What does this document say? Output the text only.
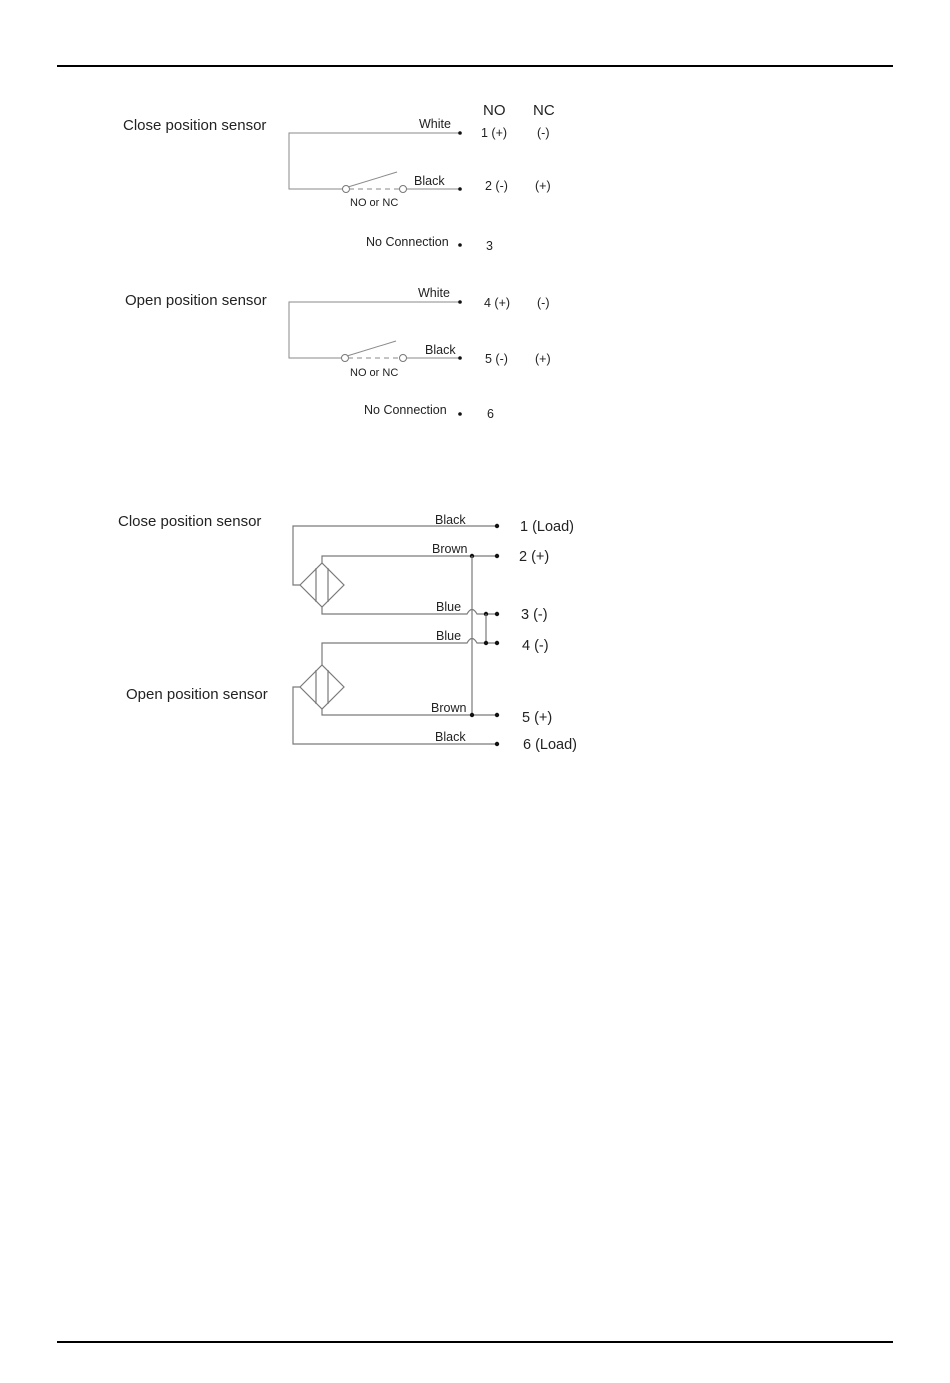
NO NC
Close position sensor	White
Black
NO or NC
1 (+) (-)
2 (-) (+)
No Connection	3
Open position sensor	White
Black
NO or NC
4 (+) (-)
5 (-) (+)
No Connection	6
Close position sensor	Black
Brown
Blue
1 (Load)
2 (+)
3 (-)
Open position sensor
Blue
Brown
Black
4 (-)
5 (+)
6 (Load)
